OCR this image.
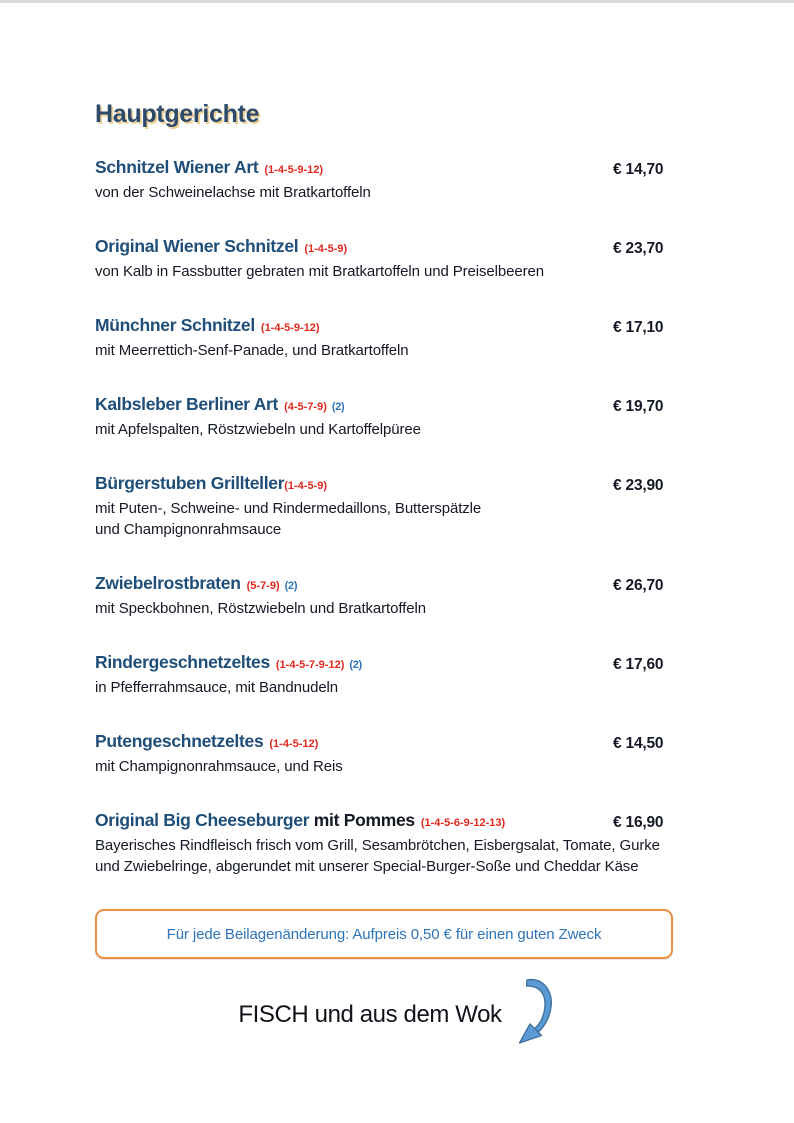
Hauptgerichte
Schnitzel Wiener Art (1-4-5-9-12)	€ 14,70
von der Schweinelachse mit Bratkartoffeln
Original Wiener Schnitzel (1-4-5-9)	€ 23,70
von Kalb in Fassbutter gebraten mit Bratkartoffeln und Preiselbeeren
Münchner Schnitzel (1-4-5-9-12)	€ 17,10
mit Meerrettich-Senf-Panade, und Bratkartoffeln
Kalbsleber Berliner Art (4-5-7-9) (2)	€ 19,70
mit Apfelspalten, Röstzwiebeln und Kartoffelpüree
Bürgerstuben Grillteller(1-4-5-9)	€ 23,90
mit Puten-, Schweine- und Rindermedaillons, Butterspätzle
und Champignonrahmsauce
Zwiebelrostbraten (5-7-9) (2)	€ 26,70
mit Speckbohnen, Röstzwiebeln und Bratkartoffeln
Rindergeschnetzeltes (1-4-5-7-9-12) (2)	€ 17,60
in Pfefferrahmsauce, mit Bandnudeln
Putengeschnetzeltes (1-4-5-12)	€ 14,50
mit Champignonrahmsauce, und Reis
Original Big Cheeseburger mit Pommes (1-4-5-6-9-12-13)	€ 16,90
Bayerisches Rindfleisch frisch vom Grill, Sesambrötchen, Eisbergsalat, Tomate, Gurke
und Zwiebelringe, abgerundet mit unserer Special-Burger-Soße und Cheddar Käse
Für jede Beilagenänderung: Aufpreis 0,50 € für einen guten Zweck
FISCH und aus dem Wok
